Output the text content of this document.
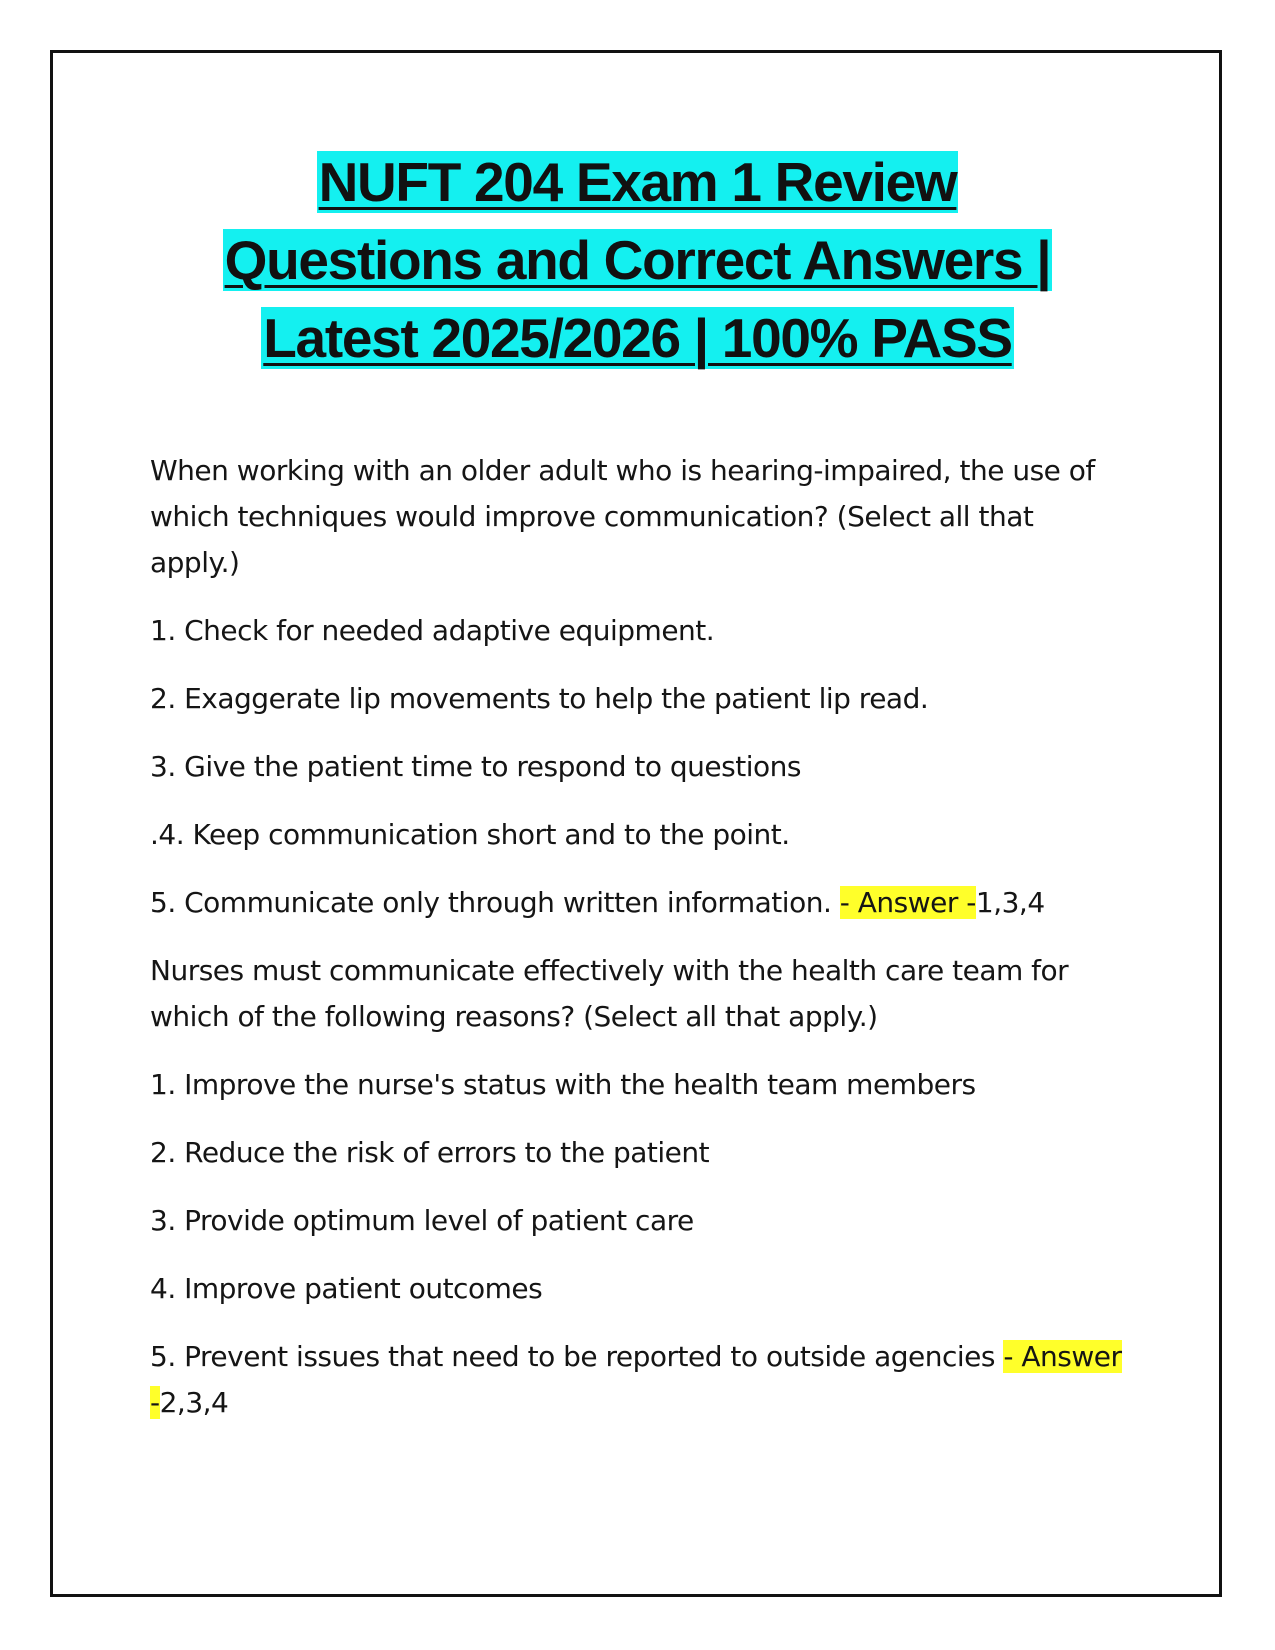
NUFT 204 Exam 1 Review
Questions and Correct Answers |
Latest 2025/2026 | 100% PASS
When working with an older adult who is hearing-impaired, the use of which techniques would improve communication? (Select all that apply.)
1. Check for needed adaptive equipment.
2. Exaggerate lip movements to help the patient lip read.
3. Give the patient time to respond to questions
.4. Keep communication short and to the point.
5. Communicate only through written information. - Answer -1,3,4
Nurses must communicate effectively with the health care team for which of the following reasons? (Select all that apply.)
1. Improve the nurse's status with the health team members
2. Reduce the risk of errors to the patient
3. Provide optimum level of patient care
4. Improve patient outcomes
5. Prevent issues that need to be reported to outside agencies - Answer -2,3,4
